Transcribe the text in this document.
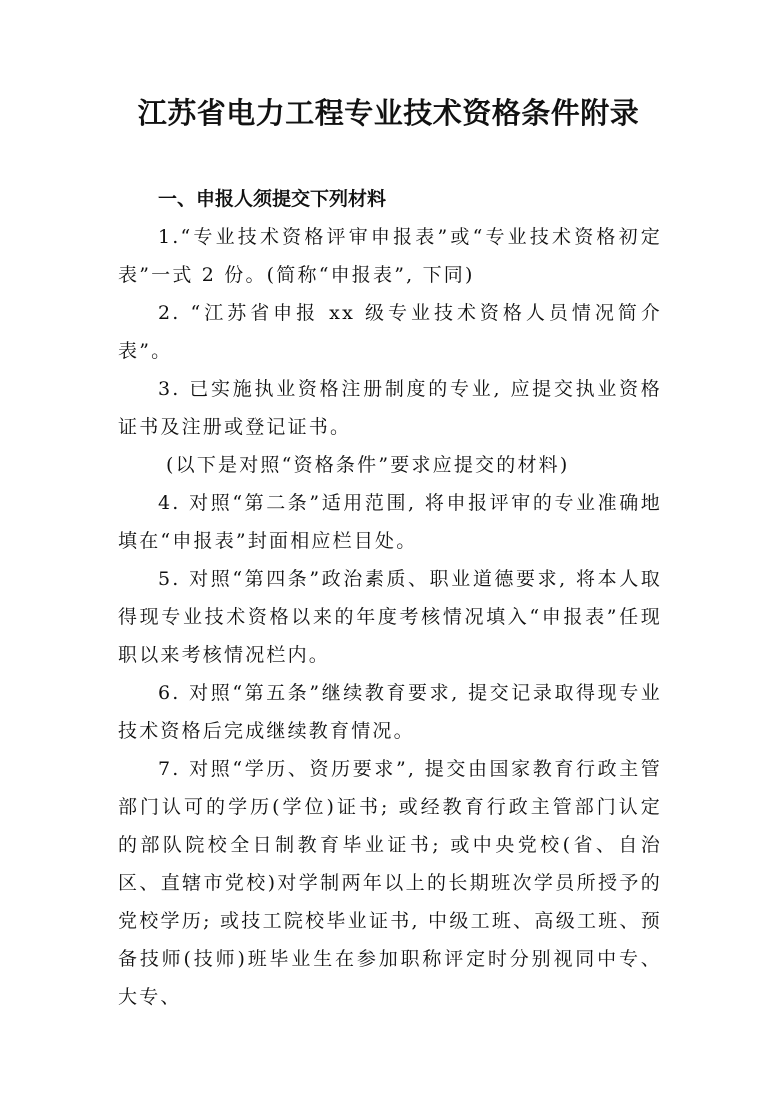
江苏省电力工程专业技术资格条件附录

一、申报人须提交下列材料

1.“专业技术资格评审申报表”或“专业技术资格初定表”一式 2 份。(简称“申报表”, 下同)

2. “江苏省申报 xx 级专业技术资格人员情况简介表”。

3. 已实施执业资格注册制度的专业, 应提交执业资格证书及注册或登记证书。

(以下是对照“资格条件”要求应提交的材料)

4. 对照“第二条”适用范围, 将申报评审的专业准确地填在“申报表”封面相应栏目处。

5. 对照“第四条”政治素质、职业道德要求, 将本人取得现专业技术资格以来的年度考核情况填入“申报表”任现职以来考核情况栏内。

6. 对照“第五条”继续教育要求, 提交记录取得现专业技术资格后完成继续教育情况。

7. 对照“学历、资历要求”, 提交由国家教育行政主管部门认可的学历(学位)证书; 或经教育行政主管部门认定的部队院校全日制教育毕业证书; 或中央党校(省、自治区、直辖市党校)对学制两年以上的长期班次学员所授予的党校学历; 或技工院校毕业证书, 中级工班、高级工班、预备技师(技师)班毕业生在参加职称评定时分别视同中专、大专、
